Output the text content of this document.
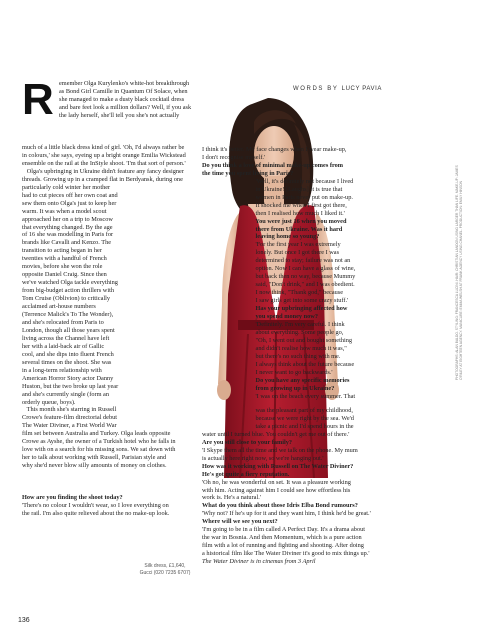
R	WORDS BY LUCY PAVIA
emember Olga Kurylenko's white-hot breakthrough
as Bond Girl Camille in Quantum Of Solace, when
she managed to make a dusty black cocktail dress
and bare feet look a million dollars? Well, if you ask
the lady herself, she'll tell you she's not actually
much of a little black dress kind of girl. 'Oh, I'd always rather be
in colours,' she says, eyeing up a bright orange Emilia Wickstead
ensemble on the rail at the InStyle shoot. 'I'm that sort of person.'
Olga's upbringing in Ukraine didn't feature any fancy designer
threads. Growing up in a cramped flat in Berdyansk, during one
particularly cold winter her mother
had to cut pieces off her own coat and
sew them onto Olga's just to keep her
warm. It was when a model scout
approached her on a trip to Moscow
that everything changed. By the age
of 16 she was modelling in Paris for
brands like Cavalli and Kenzo. The
transition to acting began in her
twenties with a handful of French
movies, before she won the role
opposite Daniel Craig. Since then
we've watched Olga tackle everything
from big-budget action thrillers with
Tom Cruise (Oblivion) to critically
acclaimed art-house numbers
(Terrence Malick's To The Wonder),
and she's relocated from Paris to
London, though all those years spent
living across the Channel have left
her with a laid-back air of Gallic
cool, and she dips into fluent French
several times on the shoot. She was
in a long-term relationship with
American Horror Story actor Danny
Huston, but the two broke up last year
and she's currently single (form an
orderly queue, boys).
This month she's starring in Russell
Crowe's feature-film directorial debut
The Water Diviner, a First World War
film set between Australia and Turkey. Olga leads opposite
Crowe as Ayshe, the owner of a Turkish hotel who he falls in
love with on a search for his missing sons. We sat down with
her to talk about working with Russell, Parisian style and
why she'd never blow silly amounts of money on clothes.
How are you finding the shoot today?
'There's no colour I wouldn't wear, so I love everything on
the rail. I'm also quite relieved about the no make-up look.
I think it's better. My face changes when I wear make-up,
I don't recognise myself.'
Do you think a love of minimal make-up comes from
the time you spent living in Paris?
'Well, it's definitely not because I lived
in Ukraine! [Laughs] It is true that
women in Paris never put on make-up.
It shocked me when I first got there,
then I realised how much I liked it.'
You were just 16 when you moved
there from Ukraine. Was it hard
leaving home so young?
'For the first year I was extremely
lonely. But once I got there I was
determined to stay; failure was not an
option. Now I can have a glass of wine,
but back then no way, because Mummy
said, "Don't drink," and I was obedient.
I now think, "Thank god," because
I saw girls get into some crazy stuff.'
Has your upbringing affected how
you spend money now?
'Definitely. I'm very careful. I think
about everything. Some people go,
"Oh, I went out and bought something
and didn't realise how much it was,"
but there's no such thing with me.
I always think about the future because
I never want to go backwards.'
Do you have any specific memories
from growing up in Ukraine?
'I was on the beach every summer. That
was the pleasant part of my childhood,
because we were right by the sea. We'd
take a picnic and I'd spend hours in the
water until I turned blue. You couldn't get me out of there.'
Are you still close to your family?
'I Skype them all the time and we talk on the phone. My mum
is actually here right now, so we're hanging out.'
How was it working with Russell on The Water Diviner?
He's got quite a fiery reputation.
'Oh no, he was wonderful on set. It was a pleasure working
with him. Acting against him I could see how effortless his
work is. He's a natural.'
What do you think about those Idris Elba Bond rumours?
'Why not? If he's up for it and they want him, I think he'd be great.'
Where will we see you next?
'I'm going to be in a film called A Perfect Day. It's a drama about
the war in Bosnia. And then Momentum, which is a pure action
film with a lot of running and fighting and shooting. After doing
a historical film like The Water Diviner it's good to mix things up.'
The Water Diviner is in cinemas from 3 April
Silk dress, £1,640,
Gucci (020 7235 6707)
PHOTOGRAPHS: ALAN BALDO. STYLING: FRANCESCA LUCINI. HAIR: CHRISTIAN LANDON USING LARGER THAN LIFE. MAKE-UP: JAMES O'RILEY AT EIGHTEEN AGENCY. MANICURE: EMMA WELSH AT FRANK AGENCY USING CHANEL. PRODUCTION: EMILY HINSON
136
